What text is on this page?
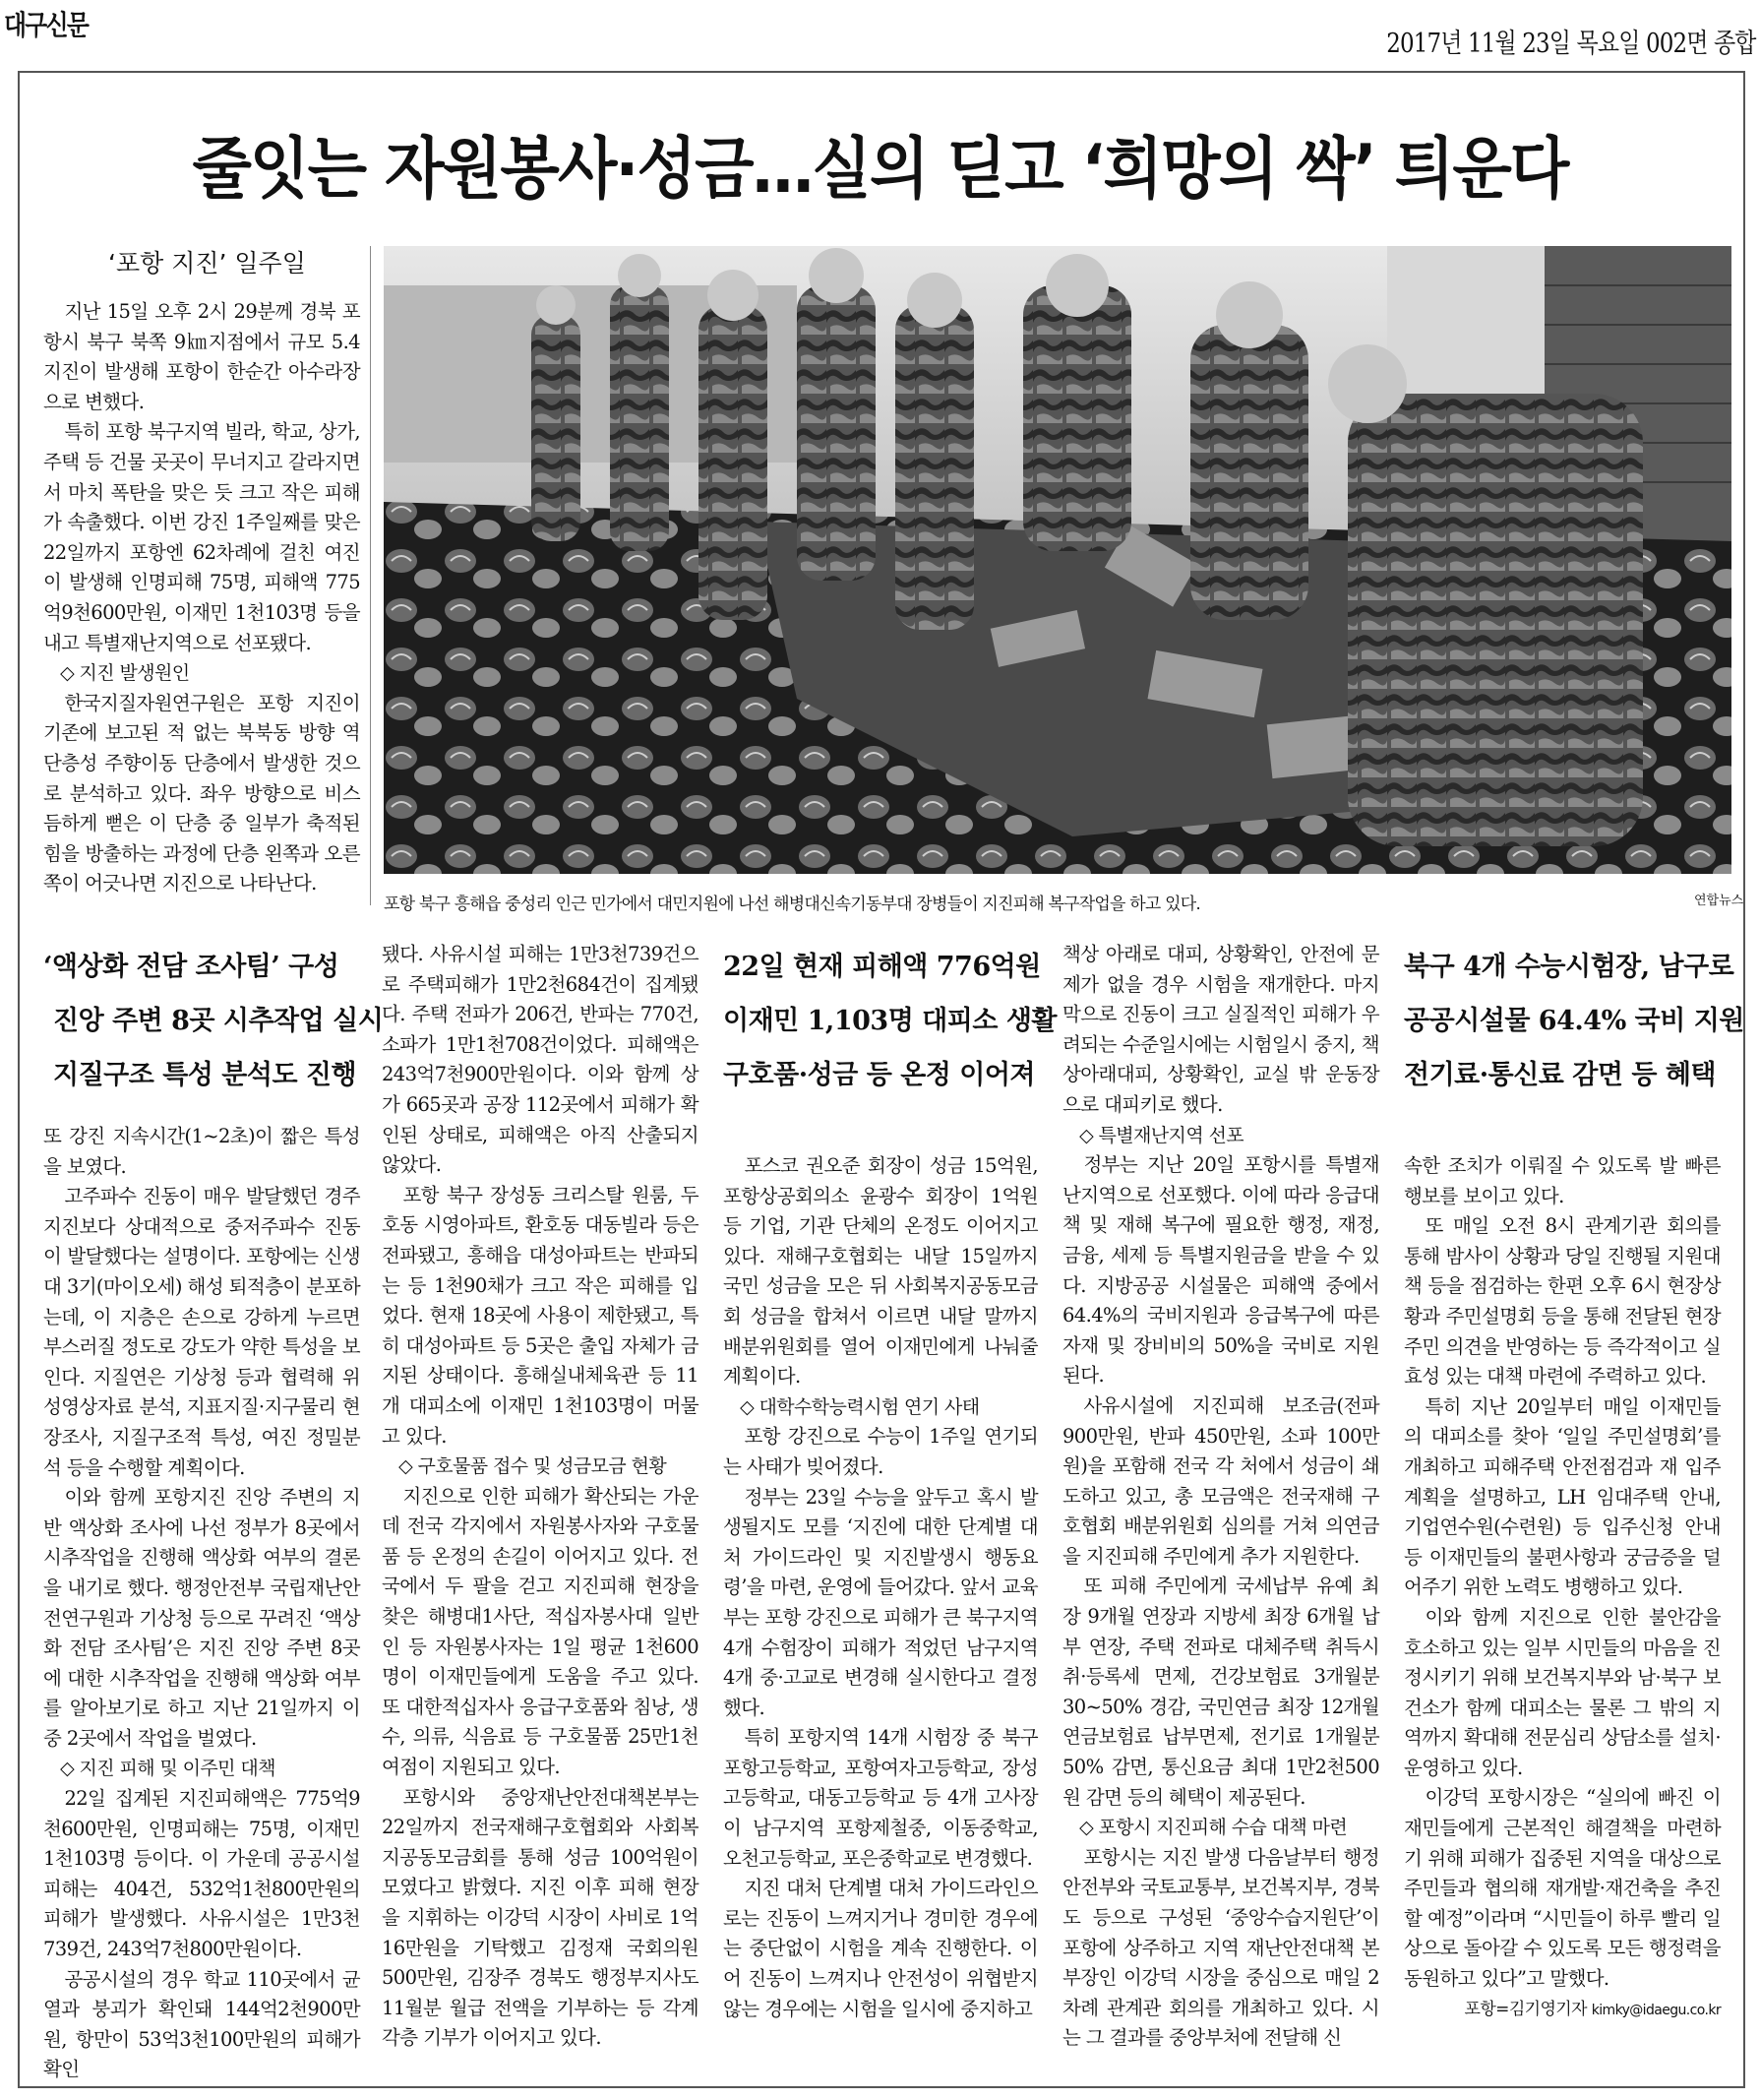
대구신문
2017년 11월 23일 목요일 002면 종합
줄잇는 자원봉사·성금…실의 딛고 ‘희망의 싹’ 틔운다
‘포항 지진’ 일주일

지난 15일 오후 2시 29분께 경북 포항시 북구 북쪽 9㎞지점에서 규모 5.4 지진이 발생해 포항이 한순간 아수라장으로 변했다.

특히 포항 북구지역 빌라, 학교, 상가, 주택 등 건물 곳곳이 무너지고 갈라지면서 마치 폭탄을 맞은 듯 크고 작은 피해가 속출했다. 이번 강진 1주일째를 맞은 22일까지 포항엔 62차례에 걸친 여진이 발생해 인명피해 75명, 피해액 775억9천600만원, 이재민 1천103명 등을 내고 특별재난지역으로 선포됐다.

◇ 지진 발생원인

한국지질자원연구원은 포항 지진이 기존에 보고된 적 없는 북북동 방향 역단층성 주향이동 단층에서 발생한 것으로 분석하고 있다. 좌우 방향으로 비스듬하게 뻗은 이 단층 중 일부가 축적된 힘을 방출하는 과정에 단층 왼쪽과 오른쪽이 어긋나면 지진으로 나타난다.

포항 북구 흥해읍 중성리 인근 민가에서 대민지원에 나선 해병대신속기동부대 장병들이 지진피해 복구작업을 하고 있다.	연합뉴스
‘액상화 전담 조사팀’ 구성
진앙 주변 8곳 시추작업 실시
지질구조 특성 분석도 진행
22일 현재 피해액 776억원
이재민 1,103명 대피소 생활
구호품·성금 등 온정 이어져
북구 4개 수능시험장, 남구로
공공시설물 64.4% 국비 지원
전기료·통신료 감면 등 혜택

또 강진 지속시간(1~2초)이 짧은 특성을 보였다.

고주파수 진동이 매우 발달했던 경주지진보다 상대적으로 중저주파수 진동이 발달했다는 설명이다. 포항에는 신생대 3기(마이오세) 해성 퇴적층이 분포하는데, 이 지층은 손으로 강하게 누르면 부스러질 정도로 강도가 약한 특성을 보인다. 지질연은 기상청 등과 협력해 위성영상자료 분석, 지표지질·지구물리 현장조사, 지질구조적 특성, 여진 정밀분석 등을 수행할 계획이다.

이와 함께 포항지진 진앙 주변의 지반 액상화 조사에 나선 정부가 8곳에서 시추작업을 진행해 액상화 여부의 결론을 내기로 했다. 행정안전부 국립재난안전연구원과 기상청 등으로 꾸려진 ‘액상화 전담 조사팀’은 지진 진앙 주변 8곳에 대한 시추작업을 진행해 액상화 여부를 알아보기로 하고 지난 21일까지 이 중 2곳에서 작업을 벌였다.

◇ 지진 피해 및 이주민 대책

22일 집계된 지진피해액은 775억9천600만원, 인명피해는 75명, 이재민 1천103명 등이다. 이 가운데 공공시설 피해는 404건, 532억1천800만원의 피해가 발생했다. 사유시설은 1만3천739건, 243억7천800만원이다.

공공시설의 경우 학교 110곳에서 균열과 붕괴가 확인돼 144억2천900만원, 항만이 53억3천100만원의 피해가 확인

됐다. 사유시설 피해는 1만3천739건으로 주택피해가 1만2천684건이 집계됐다. 주택 전파가 206건, 반파는 770건, 소파가 1만1천708건이었다. 피해액은 243억7천900만원이다. 이와 함께 상가 665곳과 공장 112곳에서 피해가 확인된 상태로, 피해액은 아직 산출되지 않았다.

포항 북구 장성동 크리스탈 원룸, 두호동 시영아파트, 환호동 대동빌라 등은 전파됐고, 흥해읍 대성아파트는 반파되는 등 1천90채가 크고 작은 피해를 입었다. 현재 18곳에 사용이 제한됐고, 특히 대성아파트 등 5곳은 출입 자체가 금지된 상태이다. 흥해실내체육관 등 11개 대피소에 이재민 1천103명이 머물고 있다.

◇ 구호물품 접수 및 성금모금 현황

지진으로 인한 피해가 확산되는 가운데 전국 각지에서 자원봉사자와 구호물품 등 온정의 손길이 이어지고 있다. 전국에서 두 팔을 걷고 지진피해 현장을 찾은 해병대1사단, 적십자봉사대 일반인 등 자원봉사자는 1일 평균 1천600명이 이재민들에게 도움을 주고 있다. 또 대한적십자사 응급구호품와 침낭, 생수, 의류, 식음료 등 구호물품 25만1천여점이 지원되고 있다.

포항시와 중앙재난안전대책본부는 22일까지 전국재해구호협회와 사회복지공동모금회를 통해 성금 100억원이 모였다고 밝혔다. 지진 이후 피해 현장을 지휘하는 이강덕 시장이 사비로 1억16만원을 기탁했고 김정재 국회의원 500만원, 김장주 경북도 행정부지사도 11월분 월급 전액을 기부하는 등 각계각층 기부가 이어지고 있다.

포스코 권오준 회장이 성금 15억원, 포항상공회의소 윤광수 회장이 1억원 등 기업, 기관 단체의 온정도 이어지고 있다. 재해구호협회는 내달 15일까지 국민 성금을 모은 뒤 사회복지공동모금회 성금을 합쳐서 이르면 내달 말까지 배분위원회를 열어 이재민에게 나눠줄 계획이다.

◇ 대학수학능력시험 연기 사태

포항 강진으로 수능이 1주일 연기되는 사태가 빚어졌다.

정부는 23일 수능을 앞두고 혹시 발생될지도 모를 ‘지진에 대한 단계별 대처 가이드라인 및 지진발생시 행동요령’을 마련, 운영에 들어갔다. 앞서 교육부는 포항 강진으로 피해가 큰 북구지역 4개 수험장이 피해가 적었던 남구지역 4개 중·고교로 변경해 실시한다고 결정했다.

특히 포항지역 14개 시험장 중 북구 포항고등학교, 포항여자고등학교, 장성고등학교, 대동고등학교 등 4개 고사장이 남구지역 포항제철중, 이동중학교, 오천고등학교, 포은중학교로 변경했다.

지진 대처 단계별 대처 가이드라인으로는 진동이 느껴지거나 경미한 경우에는 중단없이 시험을 계속 진행한다. 이어 진동이 느껴지나 안전성이 위협받지 않는 경우에는 시험을 일시에 중지하고

책상 아래로 대피, 상황확인, 안전에 문제가 없을 경우 시험을 재개한다. 마지막으로 진동이 크고 실질적인 피해가 우려되는 수준일시에는 시험일시 중지, 책상아래대피, 상황확인, 교실 밖 운동장으로 대피키로 했다.

◇ 특별재난지역 선포

정부는 지난 20일 포항시를 특별재난지역으로 선포했다. 이에 따라 응급대책 및 재해 복구에 필요한 행정, 재정, 금융, 세제 등 특별지원금을 받을 수 있다. 지방공공 시설물은 피해액 중에서 64.4%의 국비지원과 응급복구에 따른 자재 및 장비비의 50%을 국비로 지원된다.

사유시설에 지진피해 보조금(전파 900만원, 반파 450만원, 소파 100만원)을 포함해 전국 각 처에서 성금이 쇄도하고 있고, 총 모금액은 전국재해 구호협회 배분위원회 심의를 거쳐 의연금을 지진피해 주민에게 추가 지원한다.

또 피해 주민에게 국세납부 유예 최장 9개월 연장과 지방세 최장 6개월 납부 연장, 주택 전파로 대체주택 취득시 취·등록세 면제, 건강보험료 3개월분 30~50% 경감, 국민연금 최장 12개월 연금보험료 납부면제, 전기료 1개월분 50% 감면, 통신요금 최대 1만2천500원 감면 등의 혜택이 제공된다.

◇ 포항시 지진피해 수습 대책 마련

포항시는 지진 발생 다음날부터 행정안전부와 국토교통부, 보건복지부, 경북도 등으로 구성된 ‘중앙수습지원단’이 포항에 상주하고 지역 재난안전대책 본부장인 이강덕 시장을 중심으로 매일 2차례 관계관 회의를 개최하고 있다. 시는 그 결과를 중앙부처에 전달해 신

속한 조치가 이뤄질 수 있도록 발 빠른 행보를 보이고 있다.

또 매일 오전 8시 관계기관 회의를 통해 밤사이 상황과 당일 진행될 지원대책 등을 점검하는 한편 오후 6시 현장상황과 주민설명회 등을 통해 전달된 현장주민 의견을 반영하는 등 즉각적이고 실효성 있는 대책 마련에 주력하고 있다.

특히 지난 20일부터 매일 이재민들의 대피소를 찾아 ‘일일 주민설명회’를 개최하고 피해주택 안전점검과 재 입주계획을 설명하고, LH 임대주택 안내, 기업연수원(수련원) 등 입주신청 안내 등 이재민들의 불편사항과 궁금증을 덜어주기 위한 노력도 병행하고 있다.

이와 함께 지진으로 인한 불안감을 호소하고 있는 일부 시민들의 마음을 진정시키기 위해 보건복지부와 남·북구 보건소가 함께 대피소는 물론 그 밖의 지역까지 확대해 전문심리 상담소를 설치·운영하고 있다.

이강덕 포항시장은 “실의에 빠진 이재민들에게 근본적인 해결책을 마련하기 위해 피해가 집중된 지역을 대상으로 주민들과 협의해 재개발·재건축을 추진할 예정”이라며 “시민들이 하루 빨리 일상으로 돌아갈 수 있도록 모든 행정력을 동원하고 있다”고 말했다.

포항=김기영기자 kimky@idaegu.co.kr
